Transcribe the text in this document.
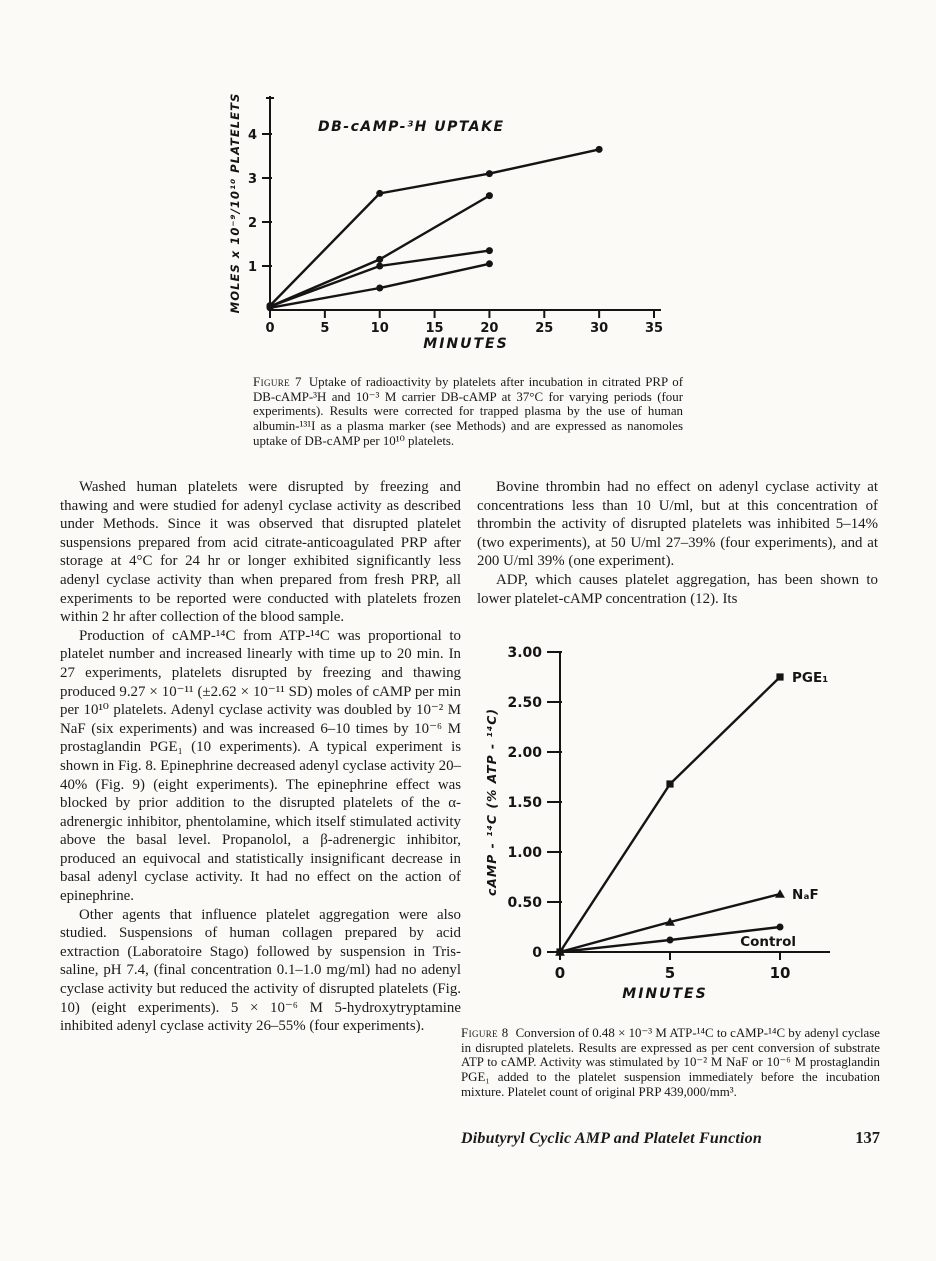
1
2
3
4
0	5	10	15	20	25	30	35
MINUTES
MOLES x 10⁻⁹/10¹⁰ PLATELETS	DB-cAMP-³H UPTAKE

Figure 7 Uptake of radioactivity by platelets after incubation in citrated PRP of DB-cAMP-³H and 10⁻³ M carrier DB-cAMP at 37°C for varying periods (four experiments). Results were corrected for trapped plasma by the use of human albumin-¹³¹I as a plasma marker (see Methods) and are expressed as nanomoles uptake of DB-cAMP per 10¹⁰ platelets.

Washed human platelets were disrupted by freezing and thawing and were studied for adenyl cyclase activity as described under Methods. Since it was observed that disrupted platelet suspensions prepared from acid citrate-anticoagulated PRP after storage at 4°C for 24 hr or longer exhibited significantly less adenyl cyclase activity than when prepared from fresh PRP, all experiments to be reported were conducted with platelets frozen within 2 hr after collection of the blood sample.

Production of cAMP-¹⁴C from ATP-¹⁴C was proportional to platelet number and increased linearly with time up to 20 min. In 27 experiments, platelets disrupted by freezing and thawing produced 9.27 × 10⁻¹¹ (±2.62 × 10⁻¹¹ SD) moles of cAMP per min per 10¹⁰ platelets. Adenyl cyclase activity was doubled by 10⁻² M NaF (six experiments) and was increased 6–10 times by 10⁻⁶ M prostaglandin PGE₁ (10 experiments). A typical experiment is shown in Fig. 8. Epinephrine decreased adenyl cyclase activity 20–40% (Fig. 9) (eight experiments). The epinephrine effect was blocked by prior addition to the disrupted platelets of the α-adrenergic inhibitor, phentolamine, which itself stimulated activity above the basal level. Propanolol, a β-adrenergic inhibitor, produced an equivocal and statistically insignificant decrease in basal adenyl cyclase activity. It had no effect on the action of epinephrine.

Other agents that influence platelet aggregation were also studied. Suspensions of human collagen prepared by acid extraction (Laboratoire Stago) followed by suspension in Tris-saline, pH 7.4, (final concentration 0.1–1.0 mg/ml) had no adenyl cyclase activity but reduced the activity of disrupted platelets (Fig. 10) (eight experiments). 5 × 10⁻⁶ M 5-hydroxytryptamine inhibited adenyl cyclase activity 26–55% (four experiments).

Bovine thrombin had no effect on adenyl cyclase activity at concentrations less than 10 U/ml, but at this concentration of thrombin the activity of disrupted platelets was inhibited 5–14% (two experiments), at 50 U/ml 27–39% (four experiments), and at 200 U/ml 39% (one experiment).

ADP, which causes platelet aggregation, has been shown to lower platelet-cAMP concentration (12). Its

0
0.50
1.00
1.50
2.00
2.50
3.00
0	5	10
MINUTES
cAMP - ¹⁴C (% ATP - ¹⁴C)
PGE₁
NₐF
Control

Figure 8 Conversion of 0.48 × 10⁻³ M ATP-¹⁴C to cAMP-¹⁴C by adenyl cyclase in disrupted platelets. Results are expressed as per cent conversion of substrate ATP to cAMP. Activity was stimulated by 10⁻² M NaF or 10⁻⁶ M prostaglandin PGE₁ added to the platelet suspension immediately before the incubation mixture. Platelet count of original PRP 439,000/mm³.

Dibutyryl Cyclic AMP and Platelet Function	137
